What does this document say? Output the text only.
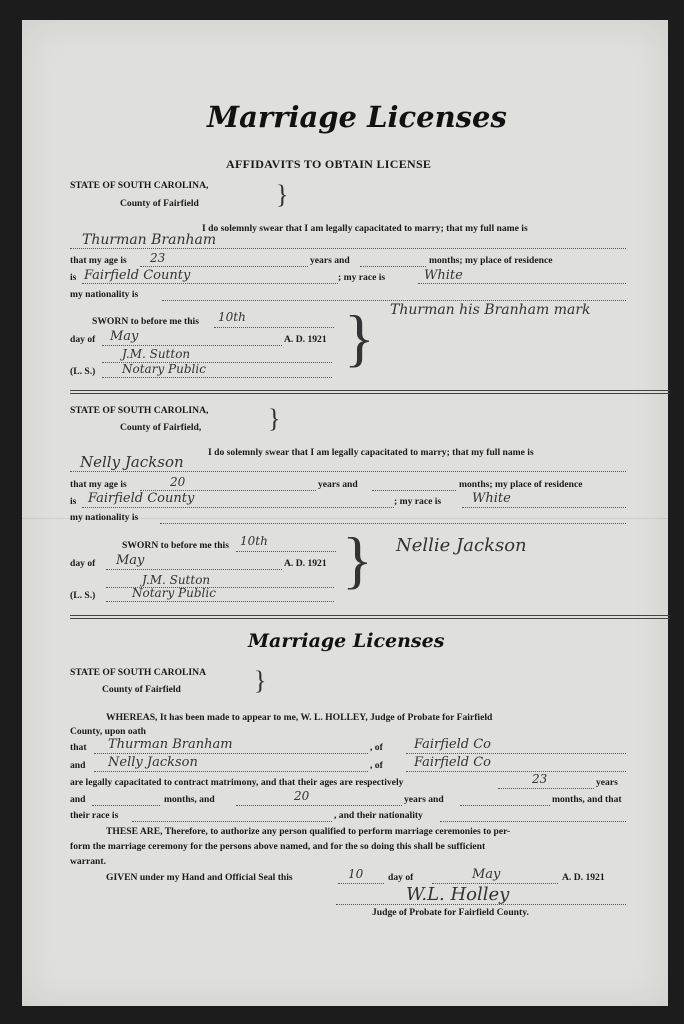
Marriage Licenses
AFFIDAVITS TO OBTAIN LICENSE
STATE OF SOUTH CAROLINA,
County of Fairfield	}
I do solemnly swear that I am legally capacitated to marry; that my full name is
Thurman Branham
that my age is 23	years and	months; my place of residence
is Fairfield County	; my race is	White
my nationality is
SWORN to before me this 10th
day of May	A. D. 1921
J.M. Sutton
(L. S.) Notary Public } Thurman his Branham mark
STATE OF SOUTH CAROLINA,
County of Fairfield,	}
I do solemnly swear that I am legally capacitated to marry; that my full name is
Nelly Jackson
that my age is	20	years and	months; my place of residence
is Fairfield County	; my race is White
my nationality is
SWORN to before me this 10th
day of May	A. D. 1921
J.M. Sutton
(L. S.)	Notary Public } Nellie Jackson
Marriage Licenses
STATE OF SOUTH CAROLINA
County of Fairfield	}
WHEREAS, It has been made to appear to me, W. L. HOLLEY, Judge of Probate for Fairfield
County, upon oath
that Thurman Branham	, of Fairfield Co
and Nelly Jackson	, of Fairfield Co
are legally capacitated to contract matrimony, and that their ages are respectively	23	years
and	months, and	20	years and	months, and that
their race is	, and their nationality
THESE ARE, Therefore, to authorize any person qualified to perform marriage ceremonies to per-
form the marriage ceremony for the persons above named, and for the so doing this shall be sufficient
warrant.
GIVEN under my Hand and Official Seal this	10	day of	May	A. D. 1921
W.L. Holley
Judge of Probate for Fairfield County.
